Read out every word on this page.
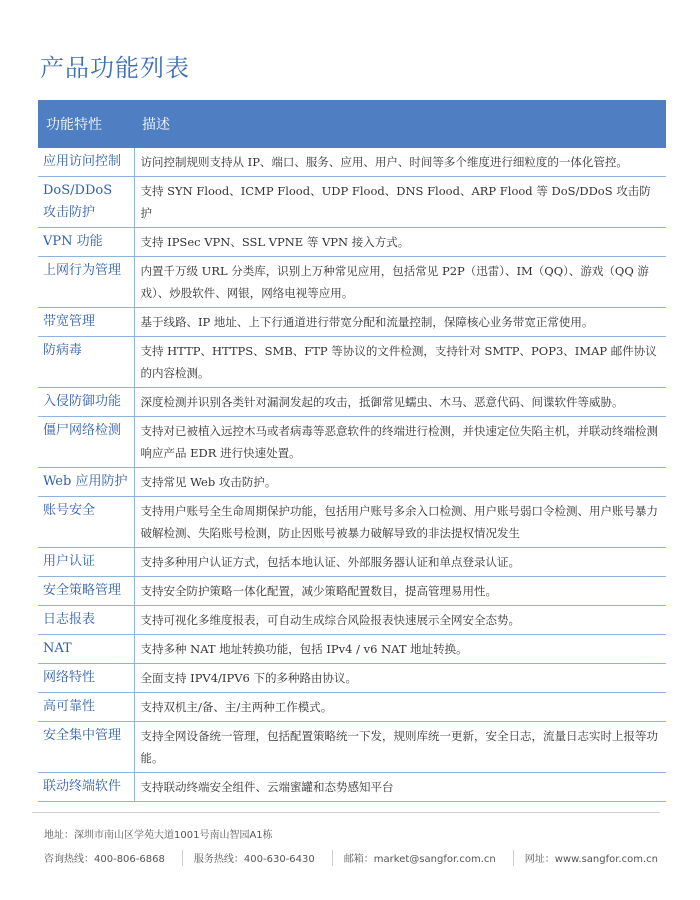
产品功能列表
功能特性	描述
应用访问控制	访问控制规则支持从 IP、端口、服务、应用、用户、时间等多个维度进行细粒度的一体化管控。
DoS/DDoS 攻击防护	支持 SYN Flood、ICMP Flood、UDP Flood、DNS Flood、ARP Flood 等 DoS/DDoS 攻击防护
VPN 功能	支持 IPSec VPN、SSL VPNE 等 VPN 接入方式。
上网行为管理	内置千万级 URL 分类库，识别上万种常见应用，包括常见 P2P（迅雷）、IM（QQ）、游戏（QQ 游戏）、炒股软件、网银，网络电视等应用。
带宽管理	基于线路、IP 地址、上下行通道进行带宽分配和流量控制，保障核心业务带宽正常使用。
防病毒	支持 HTTP、HTTPS、SMB、FTP 等协议的文件检测，支持针对 SMTP、POP3、IMAP 邮件协议的内容检测。
入侵防御功能	深度检测并识别各类针对漏洞发起的攻击，抵御常见蠕虫、木马、恶意代码、间谍软件等威胁。
僵尸网络检测	支持对已被植入远控木马或者病毒等恶意软件的终端进行检测，并快速定位失陷主机，并联动终端检测响应产品 EDR 进行快速处置。
Web 应用防护	支持常见 Web 攻击防护。
账号安全	支持用户账号全生命周期保护功能，包括用户账号多余入口检测、用户账号弱口令检测、用户账号暴力破解检测、失陷账号检测，防止因账号被暴力破解导致的非法提权情况发生
用户认证	支持多种用户认证方式，包括本地认证、外部服务器认证和单点登录认证。
安全策略管理	支持安全防护策略一体化配置，减少策略配置数目，提高管理易用性。
日志报表	支持可视化多维度报表，可自动生成综合风险报表快速展示全网安全态势。
NAT	支持多种 NAT 地址转换功能，包括 IPv4 / v6 NAT 地址转换。
网络特性	全面支持 IPV4/IPV6 下的多种路由协议。
高可靠性	支持双机主/备、主/主两种工作模式。
安全集中管理	支持全网设备统一管理，包括配置策略统一下发，规则库统一更新，安全日志，流量日志实时上报等功能。
联动终端软件	支持联动终端安全组件、云端蜜罐和态势感知平台
地址：深圳市南山区学苑大道1001号南山智园A1栋
咨询热线：400-806-6868	服务热线：400-630-6430	邮箱：market@sangfor.com.cn	网址：www.sangfor.com.cn
